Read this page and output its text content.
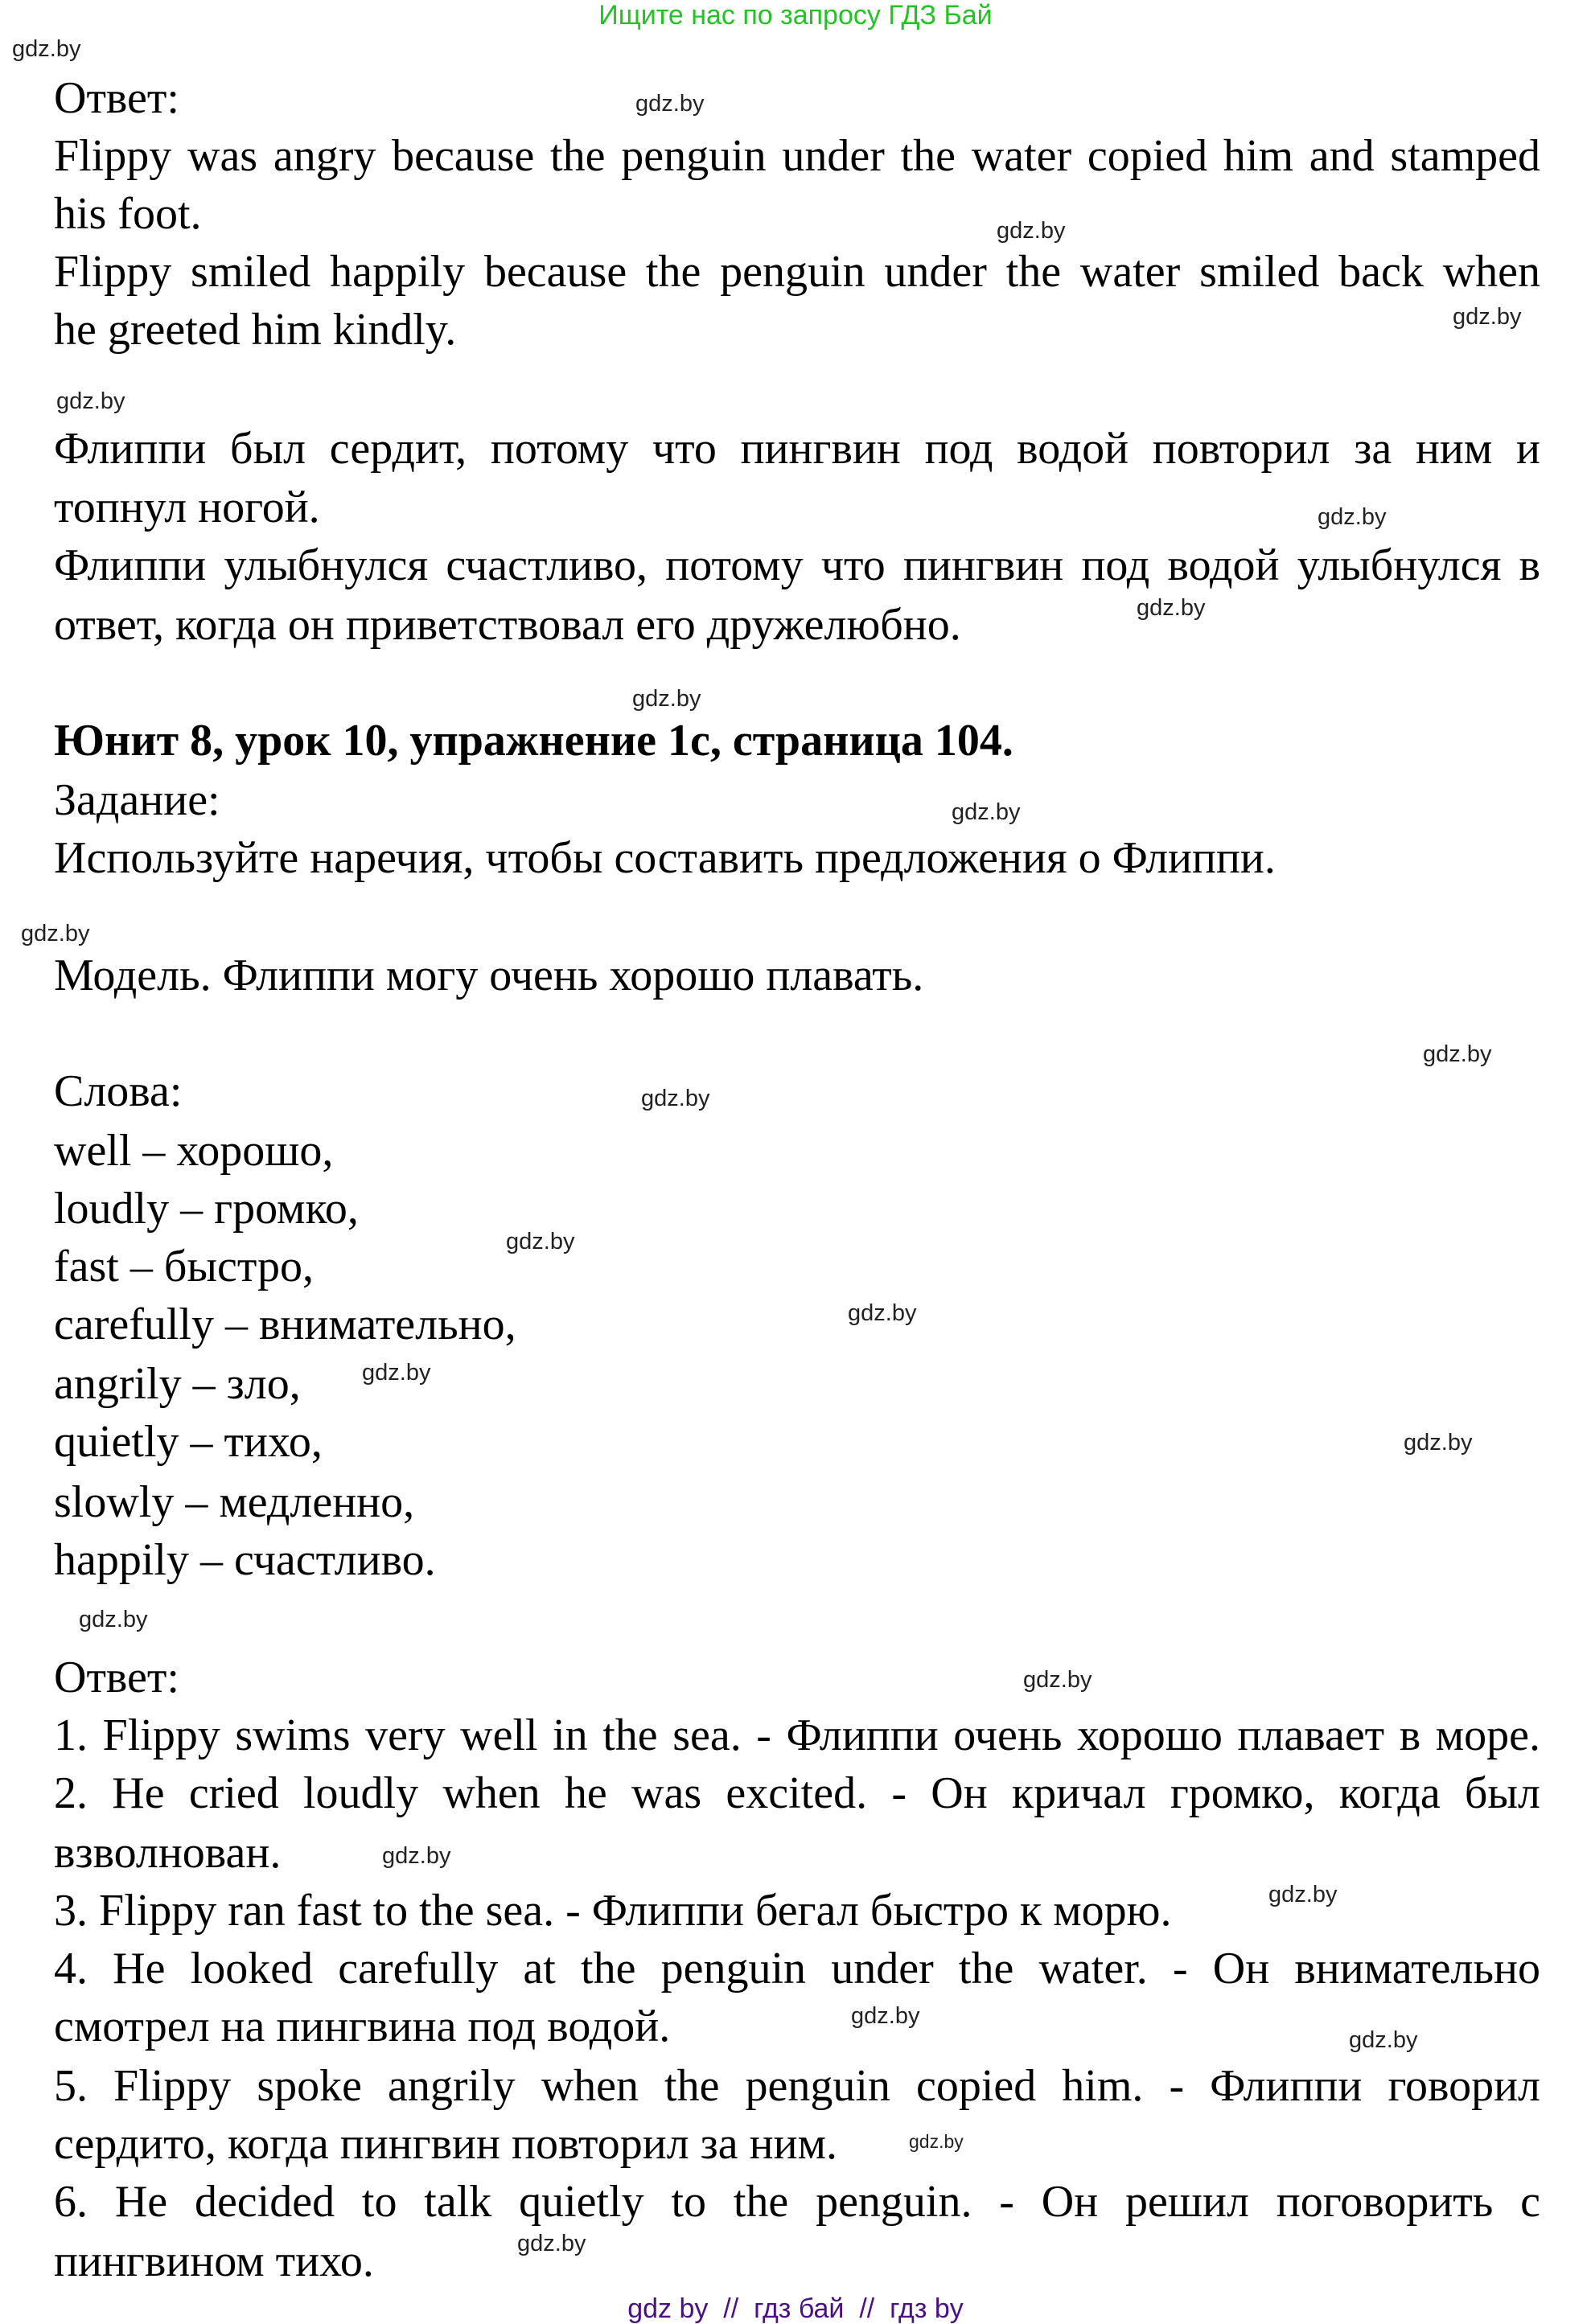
Ищите нас по запросу ГДЗ Бай
Ответ:
Flippy was angry because the penguin under the water copied him and stamped
his foot.
Flippy smiled happily because the penguin under the water smiled back when
he greeted him kindly.
Флиппи был сердит, потому что пингвин под водой повторил за ним и
топнул ногой.
Флиппи улыбнулся счастливо, потому что пингвин под водой улыбнулся в
ответ, когда он приветствовал его дружелюбно.
Юнит 8, урок 10, упражнение 1c, страница 104.
Задание:
Используйте наречия, чтобы составить предложения о Флиппи.
Модель. Флиппи могу очень хорошо плавать.
Слова:
well – хорошо,
loudly – громко,
fast – быстро,
carefully – внимательно,
angrily – зло,
quietly – тихо,
slowly – медленно,
happily – счастливо.
Ответ:
1. Flippy swims very well in the sea. - Флиппи очень хорошо плавает в море.
2. He cried loudly when he was excited. - Он кричал громко, когда был
взволнован.
3. Flippy ran fast to the sea. - Флиппи бегал быстро к морю.
4. He looked carefully at the penguin under the water. - Он внимательно
смотрел на пингвина под водой.
5. Flippy spoke angrily when the penguin copied him. - Флиппи говорил
сердито, когда пингвин повторил за ним.
6. He decided to talk quietly to the penguin. - Он решил поговорить с
пингвином тихо.
gdz.by
gdz.by
gdz.by
gdz.by
gdz.by
gdz.by
gdz.by
gdz.by
gdz.by
gdz.by
gdz.by
gdz.by
gdz.by
gdz.by
gdz.by
gdz.by
gdz.by
gdz.by
gdz.by
gdz.by
gdz.by
gdz.by
gdz.by
gdz.by
gdz by  //  гдз бай  //  гдз by
